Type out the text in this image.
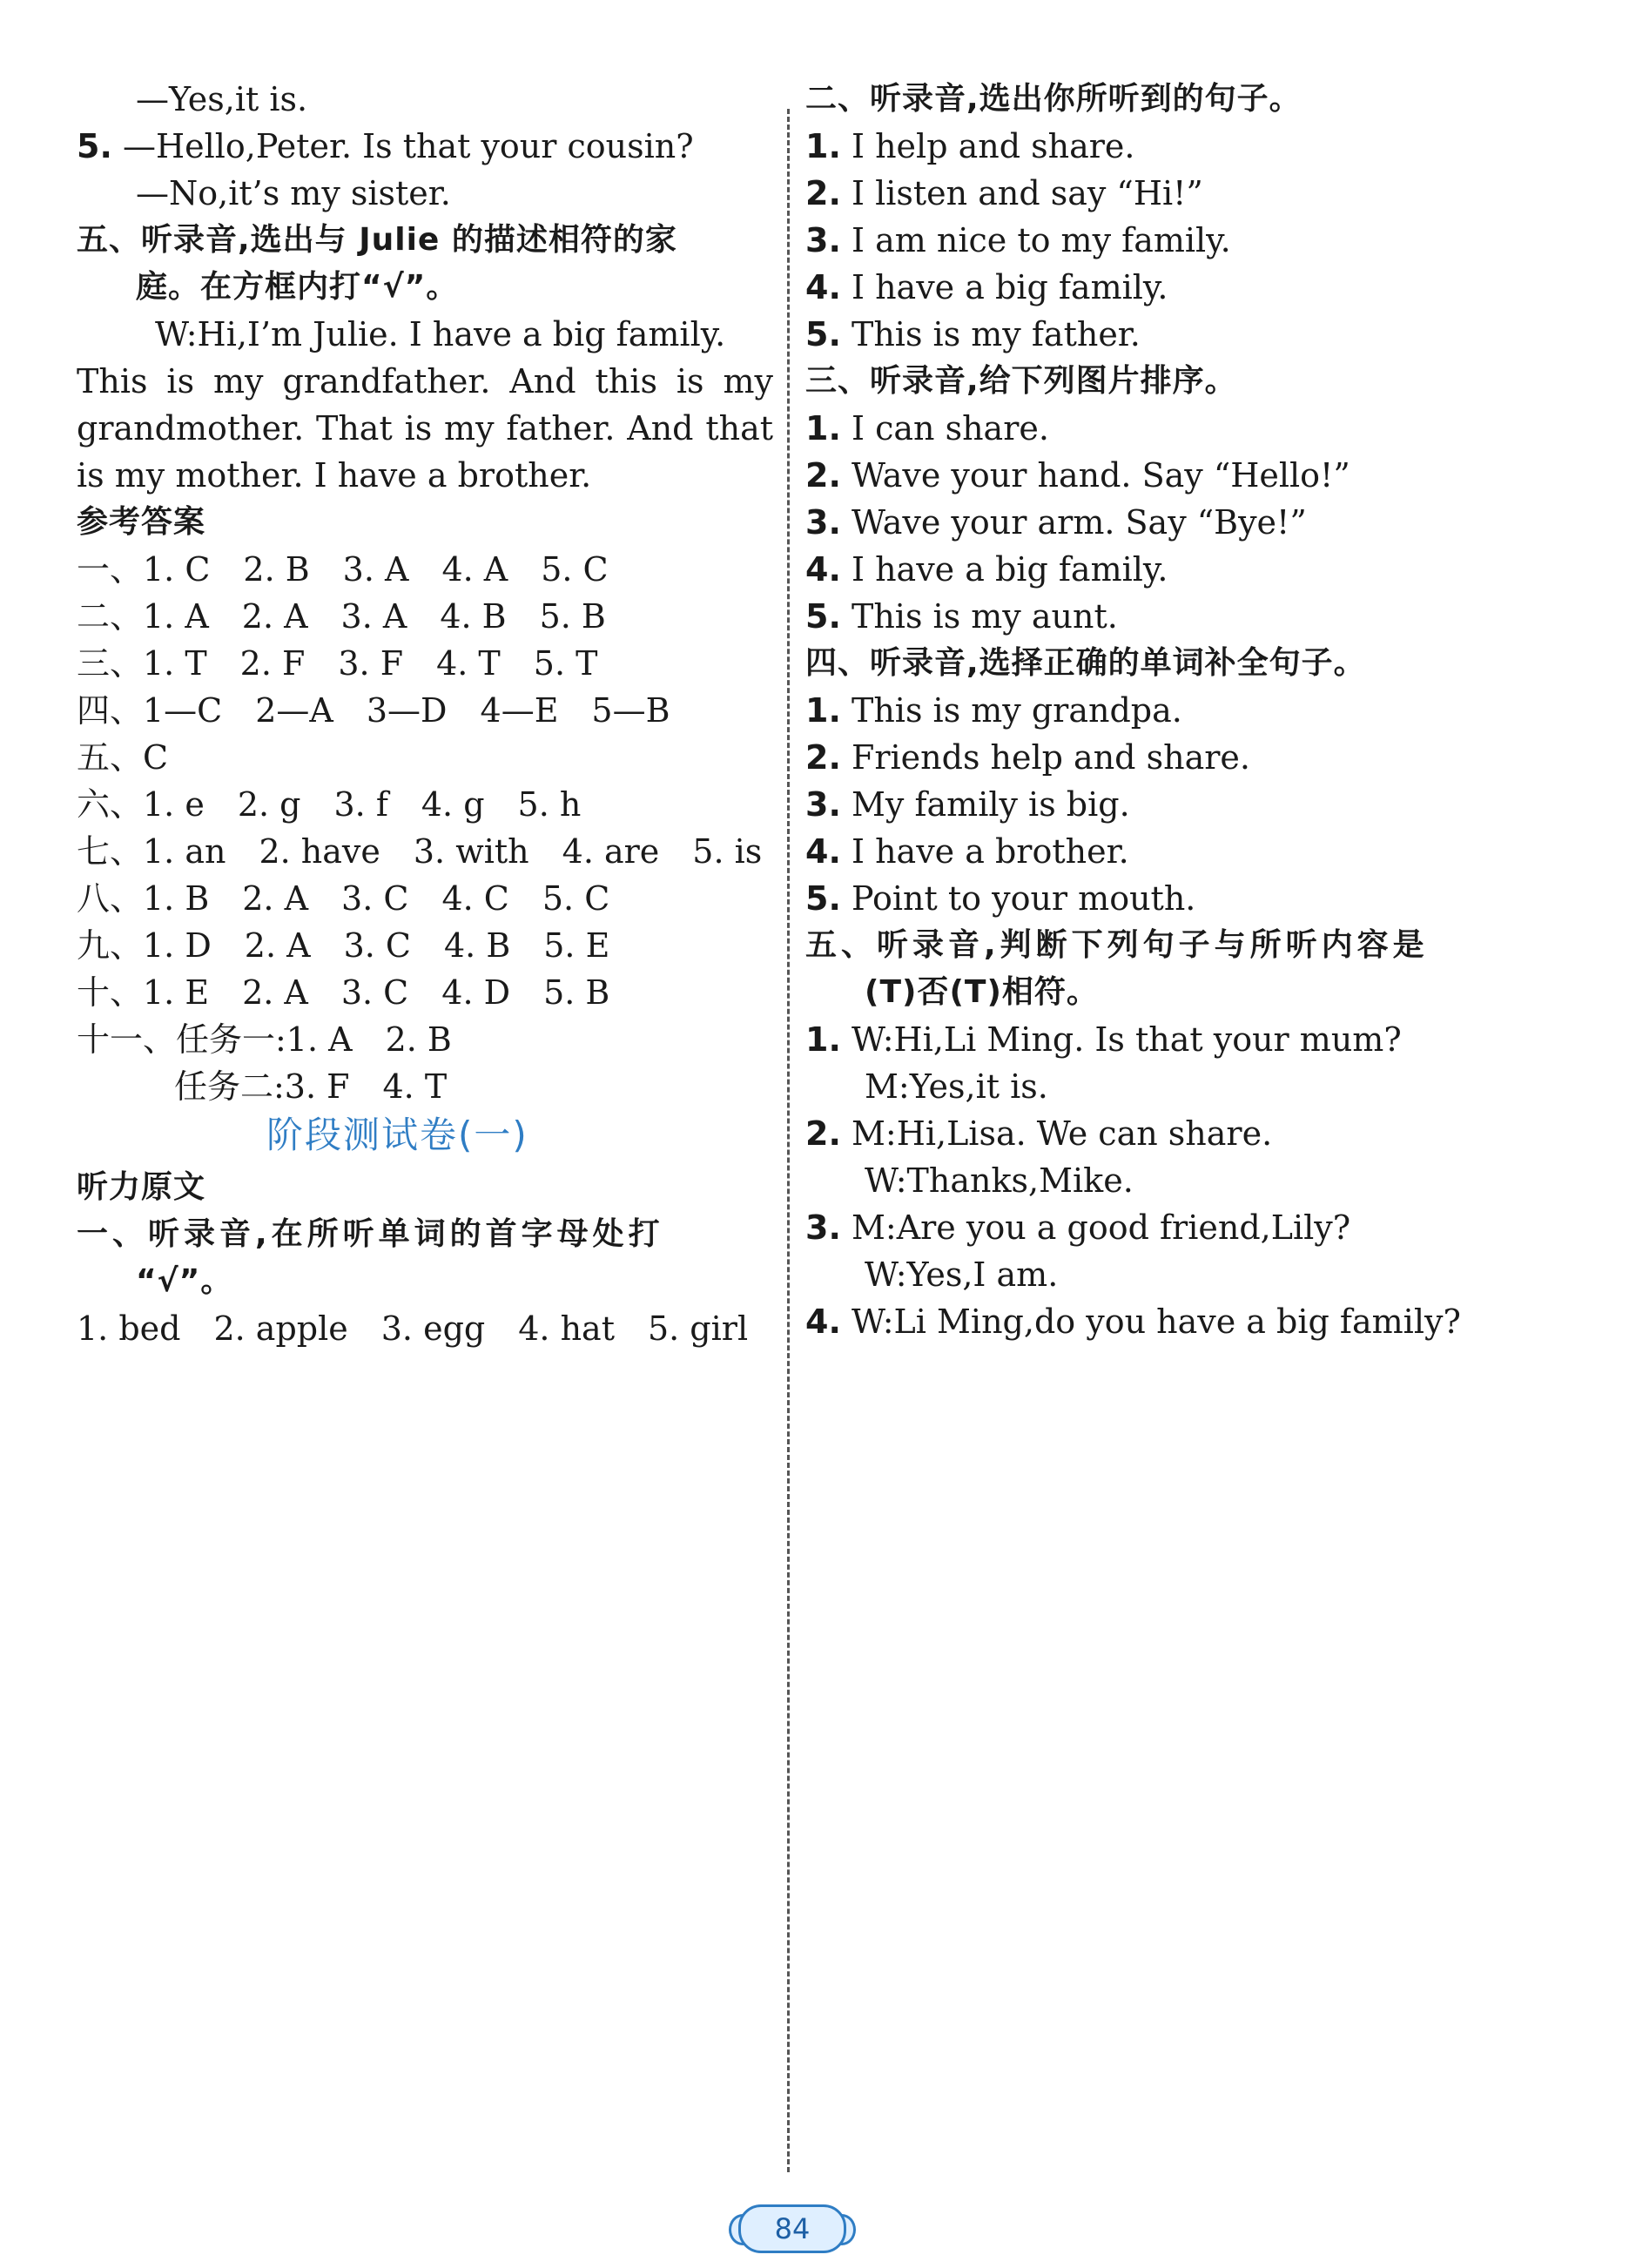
—Yes,it is.
5. —Hello,Peter. Is that your cousin?
—No,it’s my sister.
五、听录音,选出与 Julie 的描述相符的家
庭。在方框内打“√”。
W:Hi,I’m Julie. I have a big family.
This is my grandfather. And this is my
grandmother. That is my father. And that
is my mother. I have a brother.
参考答案
一、1. C　2. B　3. A　4. A　5. C
二、1. A　2. A　3. A　4. B　5. B
三、1. T　2. F　3. F　4. T　5. T
四、1—C　2—A　3—D　4—E　5—B
五、C
六、1. e　2. g　3. f　4. g　5. h
七、1. an　2. have　3. with　4. are　5. is
八、1. B　2. A　3. C　4. C　5. C
九、1. D　2. A　3. C　4. B　5. E
十、1. E　2. A　3. C　4. D　5. B
十一、任务一:1. A　2. B
任务二:3. F　4. T
阶段测试卷(一)
听力原文
一、听录音,在所听单词的首字母处打
“√”。
1. bed　2. apple　3. egg　4. hat　5. girl
二、听录音,选出你所听到的句子。
1. I help and share.
2. I listen and say “Hi!”
3. I am nice to my family.
4. I have a big family.
5. This is my father.
三、听录音,给下列图片排序。
1. I can share.
2. Wave your hand. Say “Hello!”
3. Wave your arm. Say “Bye!”
4. I have a big family.
5. This is my aunt.
四、听录音,选择正确的单词补全句子。
1. This is my grandpa.
2. Friends help and share.
3. My family is big.
4. I have a brother.
5. Point to your mouth.
五、听录音,判断下列句子与所听内容是
(T)否(T)相符。
1. W:Hi,Li Ming. Is that your mum?
M:Yes,it is.
2. M:Hi,Lisa. We can share.
W:Thanks,Mike.
3. M:Are you a good friend,Lily?
W:Yes,I am.
4. W:Li Ming,do you have a big family?
84
